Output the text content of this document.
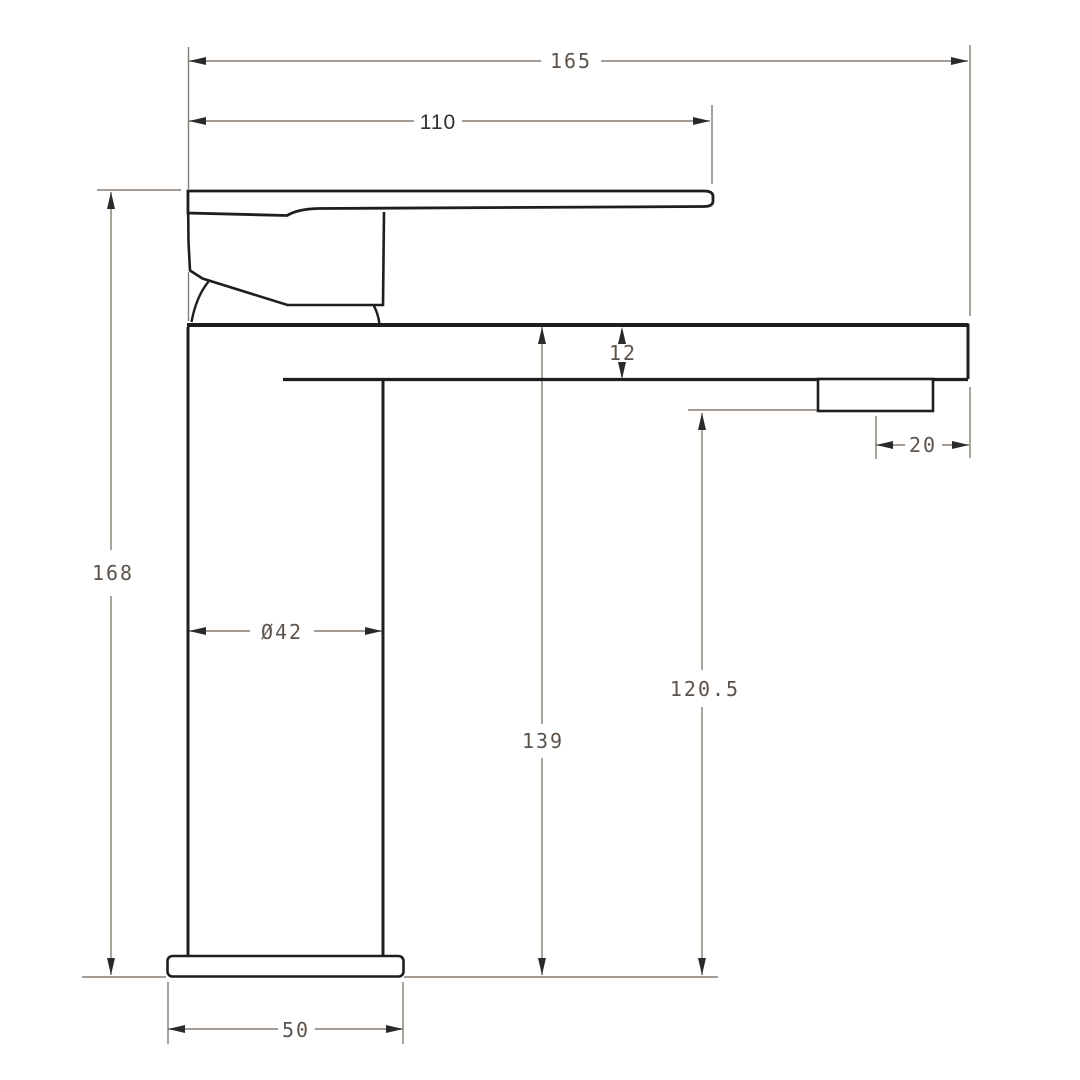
165
110
12
139
120.5
20
168
Ø42
50
